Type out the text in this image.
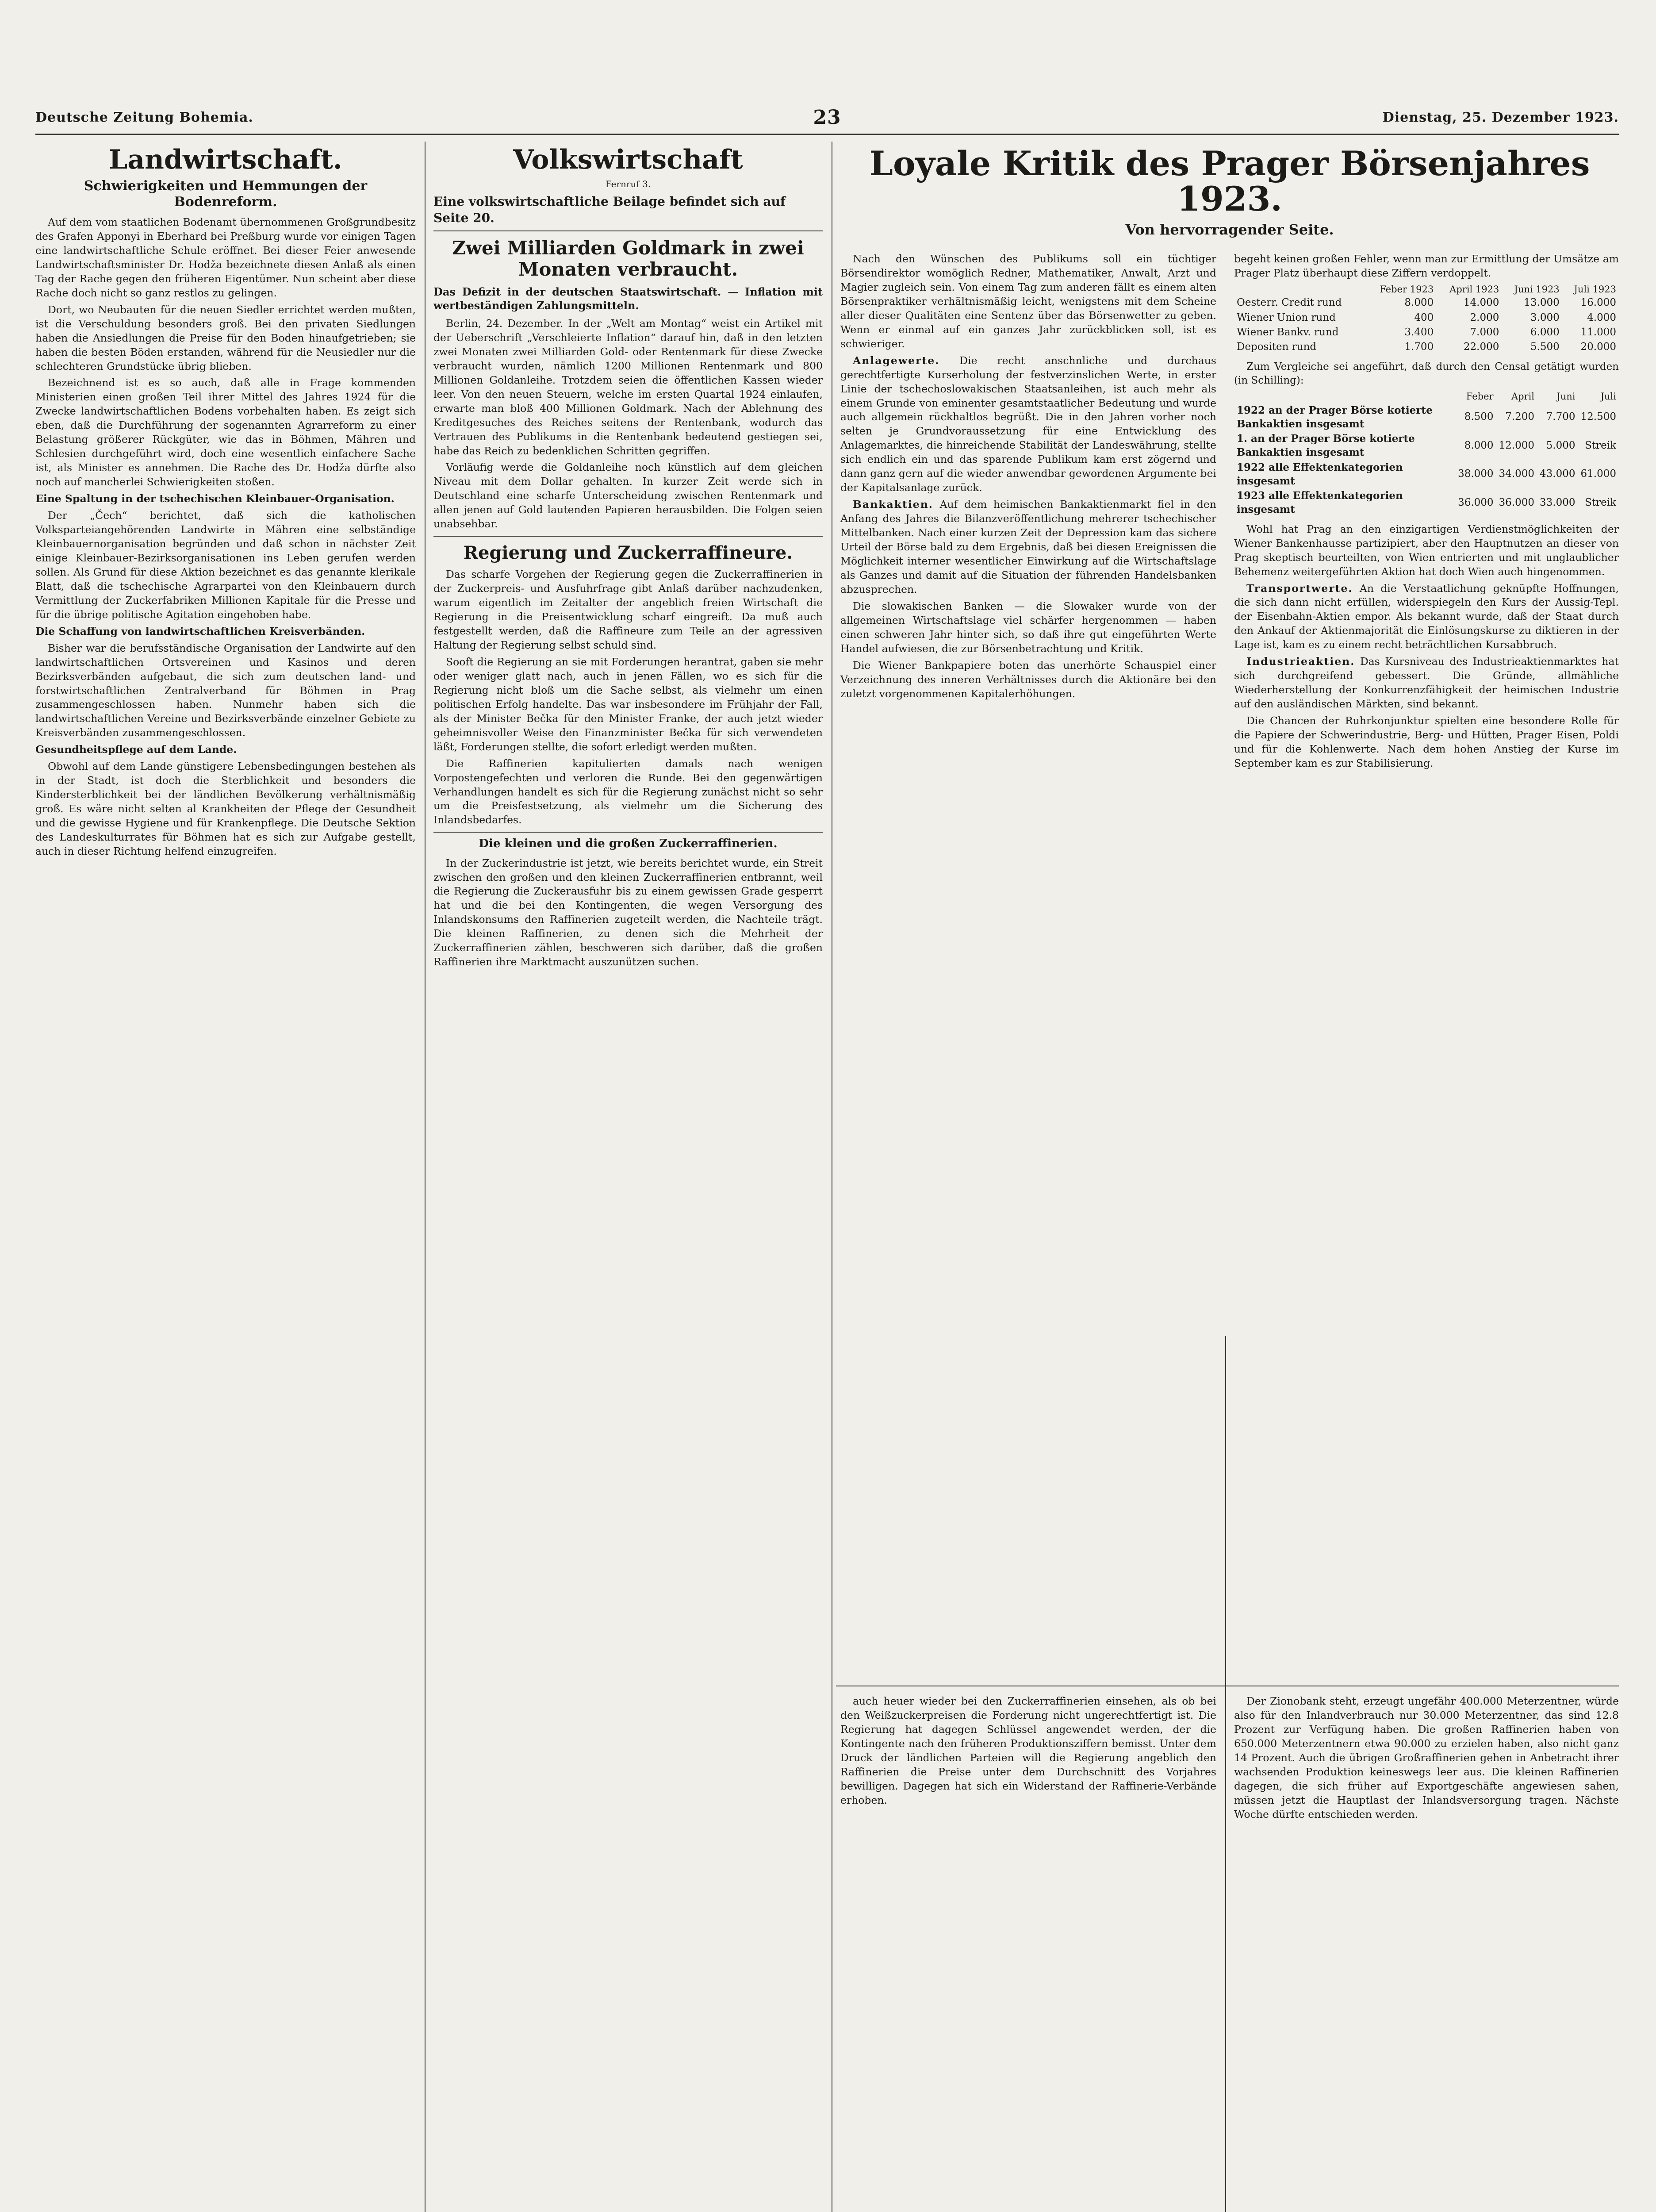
Deutsche Zeitung Bohemia.	23	Dienstag, 25. Dezember 1923.
Landwirtschaft.
Schwierigkeiten und Hemmungen der Bodenreform.

Auf dem vom staatlichen Bodenamt übernommenen Großgrundbesitz des Grafen Apponyi in Eberhard bei Preßburg wurde vor einigen Tagen eine landwirtschaftliche Schule eröffnet. Bei dieser Feier anwesende Landwirtschaftsminister Dr. Hodža bezeichnete diesen Anlaß als einen Tag der Rache gegen den früheren Eigentümer. Nun scheint aber diese Rache doch nicht so ganz restlos zu gelingen.

Dort, wo Neubauten für die neuen Siedler errichtet werden mußten, ist die Verschuldung besonders groß. Bei den privaten Siedlungen haben die Ansiedlungen die Preise für den Boden hinaufgetrieben; sie haben die besten Böden erstanden, während für die Neusiedler nur die schlechteren Grundstücke übrig blieben.

Bezeichnend ist es so auch, daß alle in Frage kommenden Ministerien einen großen Teil ihrer Mittel des Jahres 1924 für die Zwecke landwirtschaftlichen Bodens vorbehalten haben. Es zeigt sich eben, daß die Durchführung der sogenannten Agrarreform zu einer Belastung größerer Rückgüter, wie das in Böhmen, Mähren und Schlesien durchgeführt wird, doch eine wesentlich einfachere Sache ist, als Minister es annehmen. Die Rache des Dr. Hodža dürfte also noch auf mancherlei Schwierigkeiten stoßen.

Eine Spaltung in der tschechischen Kleinbauer-Organisation.

Der „Čech“ berichtet, daß sich die katholischen Volksparteiangehörenden Landwirte in Mähren eine selbständige Kleinbauernorganisation begründen und daß schon in nächster Zeit einige Kleinbauer-Bezirksorganisationen ins Leben gerufen werden sollen. Als Grund für diese Aktion bezeichnet es das genannte klerikale Blatt, daß die tschechische Agrarpartei von den Kleinbauern durch Vermittlung der Zuckerfabriken Millionen Kapitale für die Presse und für die übrige politische Agitation eingehoben habe.

Die Schaffung von landwirtschaftlichen Kreisverbänden.

Bisher war die berufsständische Organisation der Landwirte auf den landwirtschaftlichen Ortsvereinen und Kasinos und deren Bezirksverbänden aufgebaut, die sich zum deutschen land- und forstwirtschaftlichen Zentralverband für Böhmen in Prag zusammengeschlossen haben. Nunmehr haben sich die landwirtschaftlichen Vereine und Bezirksverbände einzelner Gebiete zu Kreisverbänden zusammengeschlossen.

Gesundheitspflege auf dem Lande.

Obwohl auf dem Lande günstigere Lebensbedingungen bestehen als in der Stadt, ist doch die Sterblichkeit und besonders die Kindersterblichkeit bei der ländlichen Bevölkerung verhältnismäßig groß. Es wäre nicht selten al Krankheiten der Pflege der Gesundheit und die gewisse Hygiene und für Krankenpflege. Die Deutsche Sektion des Landeskulturrates für Böhmen hat es sich zur Aufgabe gestellt, auch in dieser Richtung helfend einzugreifen.

Volkswirtschaft
Fernruf 3.
Eine volkswirtschaftliche Beilage befindet sich auf Seite 20.
Zwei Milliarden Goldmark in zwei Monaten verbraucht.
Das Defizit in der deutschen Staatswirtschaft. — Inflation mit wertbeständigen Zahlungsmitteln.

Berlin, 24. Dezember. In der „Welt am Montag“ weist ein Artikel mit der Ueberschrift „Verschleierte Inflation“ darauf hin, daß in den letzten zwei Monaten zwei Milliarden Gold- oder Rentenmark für diese Zwecke verbraucht wurden, nämlich 1200 Millionen Rentenmark und 800 Millionen Goldanleihe. Trotzdem seien die öffentlichen Kassen wieder leer. Von den neuen Steuern, welche im ersten Quartal 1924 einlaufen, erwarte man bloß 400 Millionen Goldmark. Nach der Ablehnung des Kreditgesuches des Reiches seitens der Rentenbank, wodurch das Vertrauen des Publikums in die Rentenbank bedeutend gestiegen sei, habe das Reich zu bedenklichen Schritten gegriffen.

Vorläufig werde die Goldanleihe noch künstlich auf dem gleichen Niveau mit dem Dollar gehalten. In kurzer Zeit werde sich in Deutschland eine scharfe Unterscheidung zwischen Rentenmark und allen jenen auf Gold lautenden Papieren herausbilden. Die Folgen seien unabsehbar.

Regierung und Zuckerraffineure.

Das scharfe Vorgehen der Regierung gegen die Zuckerraffinerien in der Zuckerpreis- und Ausfuhrfrage gibt Anlaß darüber nachzudenken, warum eigentlich im Zeitalter der angeblich freien Wirtschaft die Regierung in die Preisentwicklung scharf eingreift. Da muß auch festgestellt werden, daß die Raffineure zum Teile an der agressiven Haltung der Regierung selbst schuld sind.

Sooft die Regierung an sie mit Forderungen herantrat, gaben sie mehr oder weniger glatt nach, auch in jenen Fällen, wo es sich für die Regierung nicht bloß um die Sache selbst, als vielmehr um einen politischen Erfolg handelte. Das war insbesondere im Frühjahr der Fall, als der Minister Bečka für den Minister Franke, der auch jetzt wieder geheimnisvoller Weise den Finanzminister Bečka für sich verwendeten läßt, Forderungen stellte, die sofort erledigt werden mußten.

Die Raffinerien kapitulierten damals nach wenigen Vorpostengefechten und verloren die Runde. Bei den gegenwärtigen Verhandlungen handelt es sich für die Regierung zunächst nicht so sehr um die Preisfestsetzung, als vielmehr um die Sicherung des Inlandsbedarfes.

Die kleinen und die großen Zuckerraffinerien.

In der Zuckerindustrie ist jetzt, wie bereits berichtet wurde, ein Streit zwischen den großen und den kleinen Zuckerraffinerien entbrannt, weil die Regierung die Zuckerausfuhr bis zu einem gewissen Grade gesperrt hat und die bei den Kontingenten, die wegen Versorgung des Inlandskonsums den Raffinerien zugeteilt werden, die Nachteile trägt. Die kleinen Raffinerien, zu denen sich die Mehrheit der Zuckerraffinerien zählen, beschweren sich darüber, daß die großen Raffinerien ihre Marktmacht auszunützen suchen.

Loyale Kritik des Prager Börsenjahres 1923.
Von hervorragender Seite.

Nach den Wünschen des Publikums soll ein tüchtiger Börsendirektor womöglich Redner, Mathematiker, Anwalt, Arzt und Magier zugleich sein. Von einem Tag zum anderen fällt es einem alten Börsenpraktiker verhältnismäßig leicht, wenigstens mit dem Scheine aller dieser Qualitäten eine Sentenz über das Börsenwetter zu geben. Wenn er einmal auf ein ganzes Jahr zurückblicken soll, ist es schwieriger.

Anlagewerte. Die recht anschnliche und durchaus gerechtfertigte Kurserholung der festverzinslichen Werte, in erster Linie der tschechoslowakischen Staatsanleihen, ist auch mehr als einem Grunde von eminenter gesamtstaatlicher Bedeutung und wurde auch allgemein rückhaltlos begrüßt. Die in den Jahren vorher noch selten je Grundvoraussetzung für eine Entwicklung des Anlagemarktes, die hinreichende Stabilität der Landeswährung, stellte sich endlich ein und das sparende Publikum kam erst zögernd und dann ganz gern auf die wieder anwendbar gewordenen Argumente bei der Kapitalsanlage zurück.

Bankaktien. Auf dem heimischen Bankaktienmarkt fiel in den Anfang des Jahres die Bilanzveröffentlichung mehrerer tschechischer Mittelbanken. Nach einer kurzen Zeit der Depression kam das sichere Urteil der Börse bald zu dem Ergebnis, daß bei diesen Ereignissen die Möglichkeit interner wesentlicher Einwirkung auf die Wirtschaftslage als Ganzes und damit auf die Situation der führenden Handelsbanken abzusprechen.

Die slowakischen Banken — die Slowaker wurde von der allgemeinen Wirtschaftslage viel schärfer hergenommen — haben einen schweren Jahr hinter sich, so daß ihre gut eingeführten Werte Handel aufwiesen, die zur Börsenbetrachtung und Kritik.

Die Wiener Bankpapiere boten das unerhörte Schauspiel einer Verzeichnung des inneren Verhältnisses durch die Aktionäre bei den zuletzt vorgenommenen Kapitalerhöhungen.

begeht keinen großen Fehler, wenn man zur Ermittlung der Umsätze am Prager Platz überhaupt diese Ziffern verdoppelt.

	Feber 1923	April 1923	Juni 1923	Juli 1923
Oesterr. Credit rund	8.000	14.000	13.000	16.000
Wiener Union rund	400	2.000	3.000	4.000
Wiener Bankv. rund	3.400	7.000	6.000	11.000
Depositen rund	1.700	22.000	5.500	20.000

Zum Vergleiche sei angeführt, daß durch den Censal getätigt wurden (in Schilling):

	Feber	April	Juni	Juli
1922 an der Prager Börse kotierte Bankaktien insgesamt	8.500	7.200	7.700	12.500
1. an der Prager Börse kotierte Bankaktien insgesamt	8.000	12.000	5.000	Streik
1922 alle Effektenkategorien insgesamt	38.000	34.000	43.000	61.000
1923 alle Effektenkategorien insgesamt	36.000	36.000	33.000	Streik

Wohl hat Prag an den einzigartigen Verdienstmöglichkeiten der Wiener Bankenhausse partizipiert, aber den Hauptnutzen an dieser von Prag skeptisch beurteilten, von Wien entrierten und mit unglaublicher Behemenz weitergeführten Aktion hat doch Wien auch hingenommen.

Transportwerte. An die Verstaatlichung geknüpfte Hoffnungen, die sich dann nicht erfüllen, widerspiegeln den Kurs der Aussig-Tepl. der Eisenbahn-Aktien empor. Als bekannt wurde, daß der Staat durch den Ankauf der Aktienmajorität die Einlösungskurse zu diktieren in der Lage ist, kam es zu einem recht beträchtlichen Kursabbruch.

Industrieaktien. Das Kursniveau des Industrieaktienmarktes hat sich durchgreifend gebessert. Die Gründe, allmähliche Wiederherstellung der Konkurrenzfähigkeit der heimischen Industrie auf den ausländischen Märkten, sind bekannt.

Die Chancen der Ruhrkonjunktur spielten eine besondere Rolle für die Papiere der Schwerindustrie, Berg- und Hütten, Prager Eisen, Poldi und für die Kohlenwerte. Nach dem hohen Anstieg der Kurse im September kam es zur Stabilisierung.

auch heuer wieder bei den Zuckerraffinerien einsehen, als ob bei den Weißzuckerpreisen die Forderung nicht ungerechtfertigt ist. Die Regierung hat dagegen Schlüssel angewendet werden, der die Kontingente nach den früheren Produktionsziffern bemisst. Unter dem Druck der ländlichen Parteien will die Regierung angeblich den Raffinerien die Preise unter dem Durchschnitt des Vorjahres bewilligen. Dagegen hat sich ein Widerstand der Raffinerie-Verbände erhoben.

Der Zionobank steht, erzeugt ungefähr 400.000 Meterzentner, würde also für den Inlandverbrauch nur 30.000 Meterzentner, das sind 12.8 Prozent zur Verfügung haben. Die großen Raffinerien haben von 650.000 Meterzentnern etwa 90.000 zu erzielen haben, also nicht ganz 14 Prozent. Auch die übrigen Großraffinerien gehen in Anbetracht ihrer wachsenden Produktion keineswegs leer aus. Die kleinen Raffinerien dagegen, die sich früher auf Exportgeschäfte angewiesen sahen, müssen jetzt die Hauptlast der Inlandsversorgung tragen. Nächste Woche dürfte entschieden werden.
